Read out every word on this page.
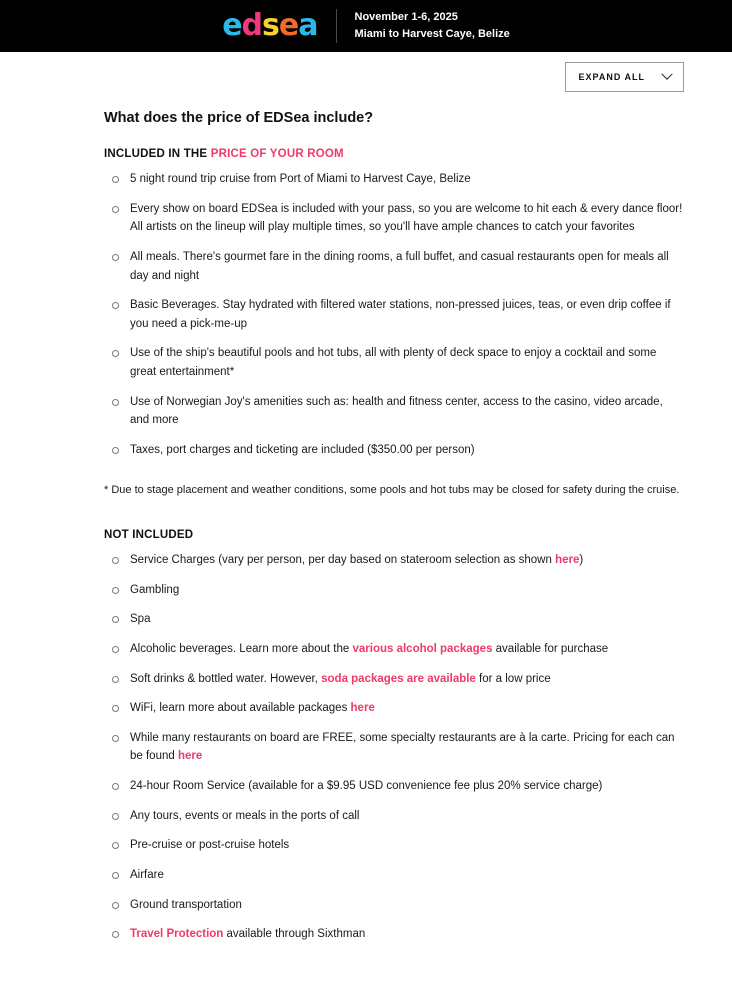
e d s e a	November 1-6, 2025
Miami to Harvest Caye, Belize
EXPAND ALL
What does the price of EDSea include?
INCLUDED IN THE PRICE OF YOUR ROOM
5 night round trip cruise from Port of Miami to Harvest Caye, Belize
Every show on board EDSea is included with your pass, so you are welcome to hit each & every dance floor! All artists on the lineup will play multiple times, so you'll have ample chances to catch your favorites
All meals. There's gourmet fare in the dining rooms, a full buffet, and casual restaurants open for meals all day and night
Basic Beverages. Stay hydrated with filtered water stations, non-pressed juices, teas, or even drip coffee if you need a pick-me-up
Use of the ship's beautiful pools and hot tubs, all with plenty of deck space to enjoy a cocktail and some great entertainment*
Use of Norwegian Joy's amenities such as: health and fitness center, access to the casino, video arcade, and more
Taxes, port charges and ticketing are included ($350.00 per person)
* Due to stage placement and weather conditions, some pools and hot tubs may be closed for safety during the cruise.
NOT INCLUDED
Service Charges (vary per person, per day based on stateroom selection as shown here)
Gambling
Spa
Alcoholic beverages. Learn more about the various alcohol packages available for purchase
Soft drinks & bottled water. However, soda packages are available for a low price
WiFi, learn more about available packages here
While many restaurants on board are FREE, some specialty restaurants are à la carte. Pricing for each can be found here
24-hour Room Service (available for a $9.95 USD convenience fee plus 20% service charge)
Any tours, events or meals in the ports of call
Pre-cruise or post-cruise hotels
Airfare
Ground transportation
Travel Protection available through Sixthman
